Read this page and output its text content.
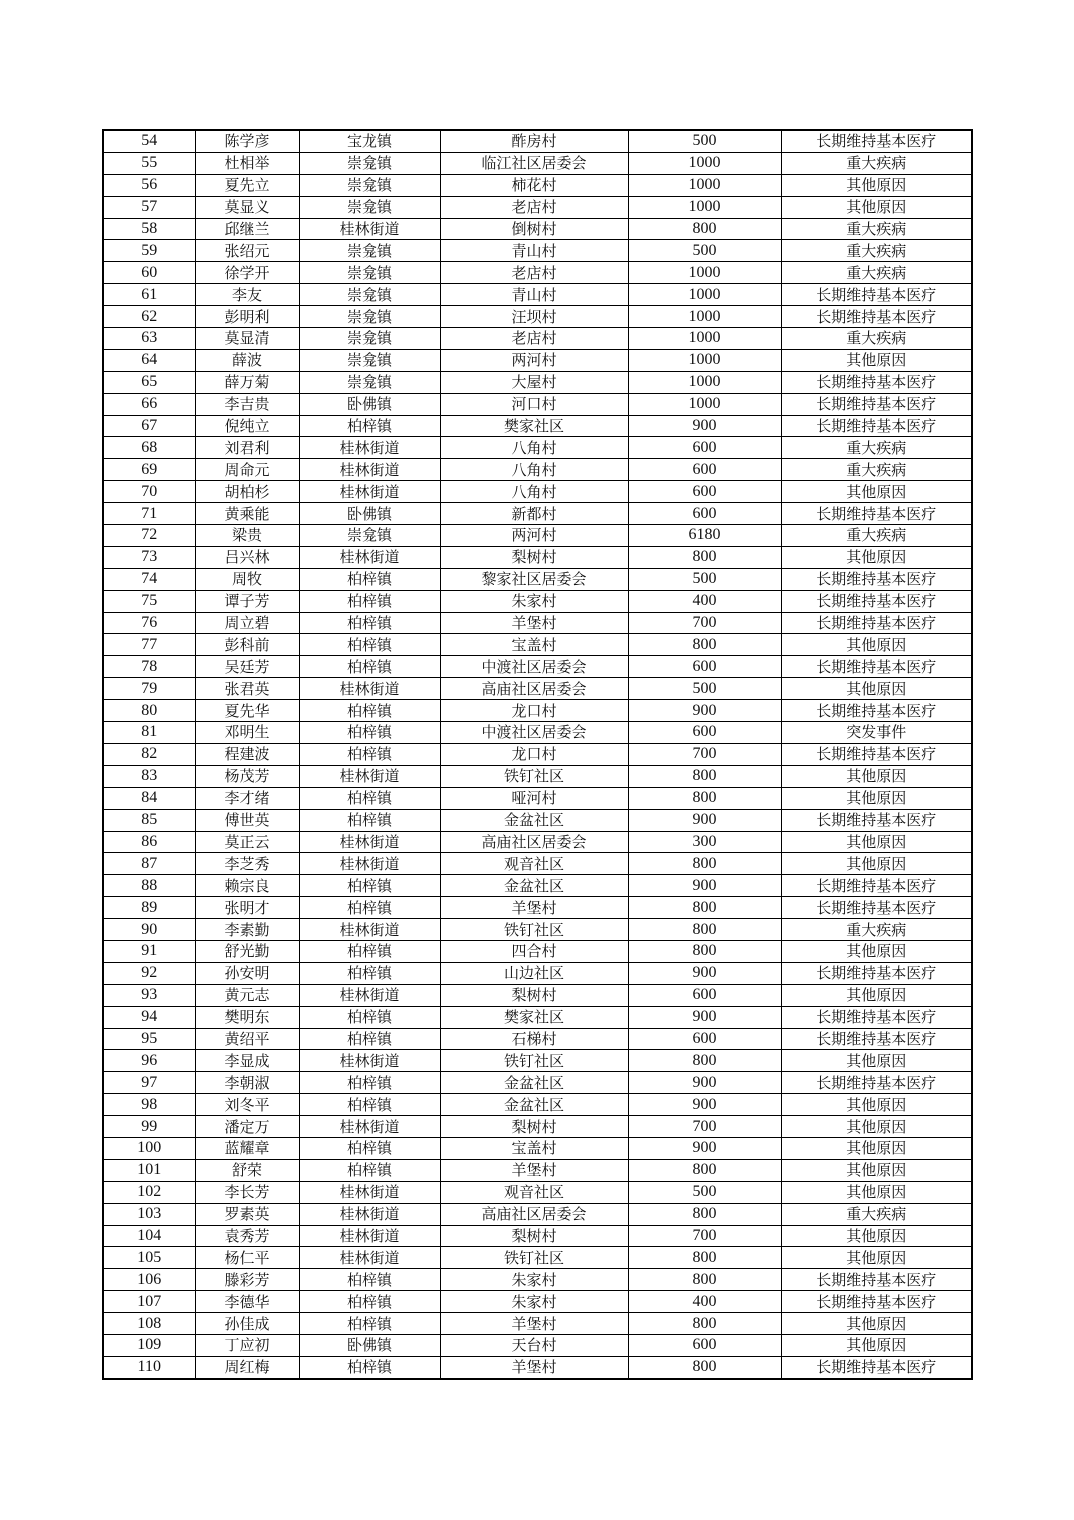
54	陈学彦	宝龙镇	酢房村	500	长期维持基本医疗
55	杜相举	崇龛镇	临江社区居委会	1000	重大疾病
56	夏先立	崇龛镇	柿花村	1000	其他原因
57	莫显义	崇龛镇	老店村	1000	其他原因
58	邱继兰	桂林街道	倒树村	800	重大疾病
59	张绍元	崇龛镇	青山村	500	重大疾病
60	徐学开	崇龛镇	老店村	1000	重大疾病
61	李友	崇龛镇	青山村	1000	长期维持基本医疗
62	彭明利	崇龛镇	汪坝村	1000	长期维持基本医疗
63	莫显清	崇龛镇	老店村	1000	重大疾病
64	薛波	崇龛镇	两河村	1000	其他原因
65	薛万菊	崇龛镇	大屋村	1000	长期维持基本医疗
66	李吉贵	卧佛镇	河口村	1000	长期维持基本医疗
67	倪纯立	柏梓镇	樊家社区	900	长期维持基本医疗
68	刘君利	桂林街道	八角村	600	重大疾病
69	周命元	桂林街道	八角村	600	重大疾病
70	胡柏杉	桂林街道	八角村	600	其他原因
71	黄乘能	卧佛镇	新都村	600	长期维持基本医疗
72	梁贵	崇龛镇	两河村	6180	重大疾病
73	吕兴林	桂林街道	梨树村	800	其他原因
74	周牧	柏梓镇	黎家社区居委会	500	长期维持基本医疗
75	谭子芳	柏梓镇	朱家村	400	长期维持基本医疗
76	周立碧	柏梓镇	羊堡村	700	长期维持基本医疗
77	彭科前	柏梓镇	宝盖村	800	其他原因
78	吴廷芳	柏梓镇	中渡社区居委会	600	长期维持基本医疗
79	张君英	桂林街道	高庙社区居委会	500	其他原因
80	夏先华	柏梓镇	龙口村	900	长期维持基本医疗
81	邓明生	柏梓镇	中渡社区居委会	600	突发事件
82	程建波	柏梓镇	龙口村	700	长期维持基本医疗
83	杨茂芳	桂林街道	铁钉社区	800	其他原因
84	李才绪	柏梓镇	哑河村	800	其他原因
85	傅世英	柏梓镇	金盆社区	900	长期维持基本医疗
86	莫正云	桂林街道	高庙社区居委会	300	其他原因
87	李芝秀	桂林街道	观音社区	800	其他原因
88	赖宗良	柏梓镇	金盆社区	900	长期维持基本医疗
89	张明才	柏梓镇	羊堡村	800	长期维持基本医疗
90	李素勤	桂林街道	铁钉社区	800	重大疾病
91	舒光勤	柏梓镇	四合村	800	其他原因
92	孙安明	柏梓镇	山边社区	900	长期维持基本医疗
93	黄元志	桂林街道	梨树村	600	其他原因
94	樊明东	柏梓镇	樊家社区	900	长期维持基本医疗
95	黄绍平	柏梓镇	石梯村	600	长期维持基本医疗
96	李显成	桂林街道	铁钉社区	800	其他原因
97	李朝淑	柏梓镇	金盆社区	900	长期维持基本医疗
98	刘冬平	柏梓镇	金盆社区	900	其他原因
99	潘定万	桂林街道	梨树村	700	其他原因
100	蓝耀章	柏梓镇	宝盖村	900	其他原因
101	舒荣	柏梓镇	羊堡村	800	其他原因
102	李长芳	桂林街道	观音社区	500	其他原因
103	罗素英	桂林街道	高庙社区居委会	800	重大疾病
104	袁秀芳	桂林街道	梨树村	700	其他原因
105	杨仁平	桂林街道	铁钉社区	800	其他原因
106	滕彩芳	柏梓镇	朱家村	800	长期维持基本医疗
107	李德华	柏梓镇	朱家村	400	长期维持基本医疗
108	孙佳成	柏梓镇	羊堡村	800	其他原因
109	丁应初	卧佛镇	天台村	600	其他原因
110	周红梅	柏梓镇	羊堡村	800	长期维持基本医疗
